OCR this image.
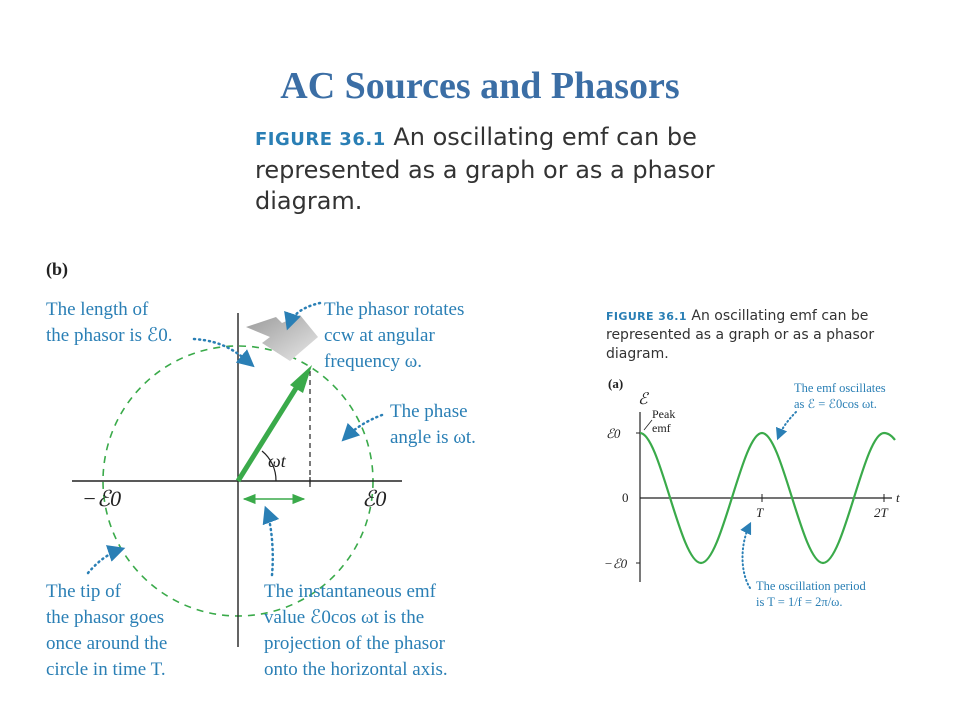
AC Sources and Phasors
FIGURE 36.1 An oscillating emf can be represented as a graph or as a phasor diagram.
(b)
ωt
−ℰ0	ℰ0
The length of the phasor is ℰ0.
The phasor rotates ccw at angular frequency ω.
The phase angle is ωt.
The tip of the phasor goes once around the circle in time T.
The instantaneous emf value ℰ0cos ωt is the projection of the phasor onto the horizontal axis.
FIGURE 36.1 An oscillating emf can be represented as a graph or as a phasor diagram.
(a)
ℰ
t
ℰ0
0
−ℰ0
T	2T
Peak emf
The emf oscillates as ℰ = ℰ0cos ωt.
The oscillation period is T = 1/f = 2π/ω.
